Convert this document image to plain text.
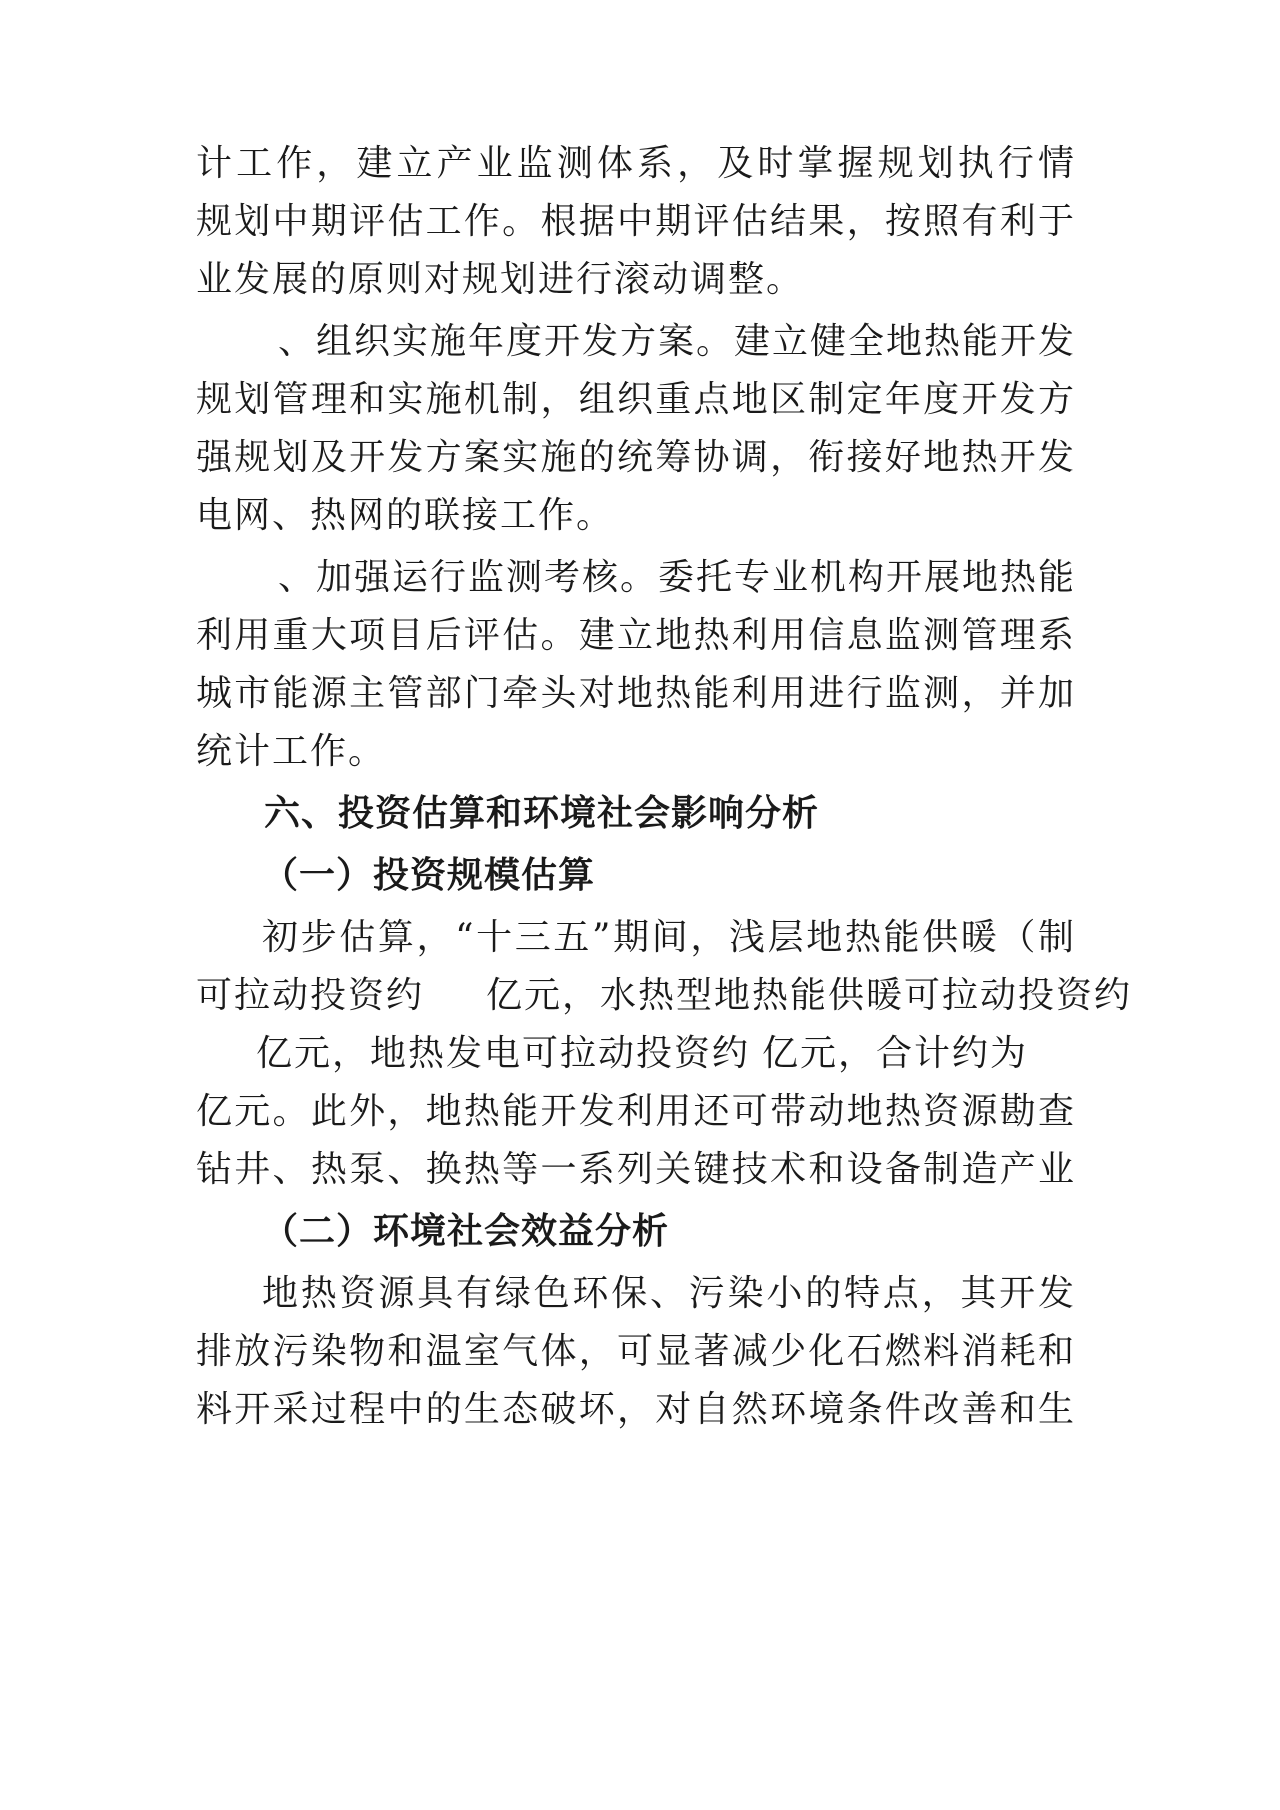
计工作，建立产业监测体系，及时掌握规划执行情
规划中期评估工作。根据中期评估结果，按照有利于
业发展的原则对规划进行滚动调整。
、组织实施年度开发方案。建立健全地热能开发
规划管理和实施机制，组织重点地区制定年度开发方
强规划及开发方案实施的统筹协调，衔接好地热开发
电网、热网的联接工作。
、加强运行监测考核。委托专业机构开展地热能
利用重大项目后评估。建立地热利用信息监测管理系
城市能源主管部门牵头对地热能利用进行监测，并加
统计工作。
六、投资估算和环境社会影响分析
（一）投资规模估算
初步估算，“十三五”期间，浅层地热能供暖（制
可拉动投资约	亿元，水热型地热能供暖可拉动投资约
亿元，地热发电可拉动投资约 亿元，合计约为
亿元。此外，地热能开发利用还可带动地热资源勘查
钻井、热泵、换热等一系列关键技术和设备制造产业
（二）环境社会效益分析
地热资源具有绿色环保、污染小的特点，其开发
排放污染物和温室气体，可显著减少化石燃料消耗和
料开采过程中的生态破坏，对自然环境条件改善和生
